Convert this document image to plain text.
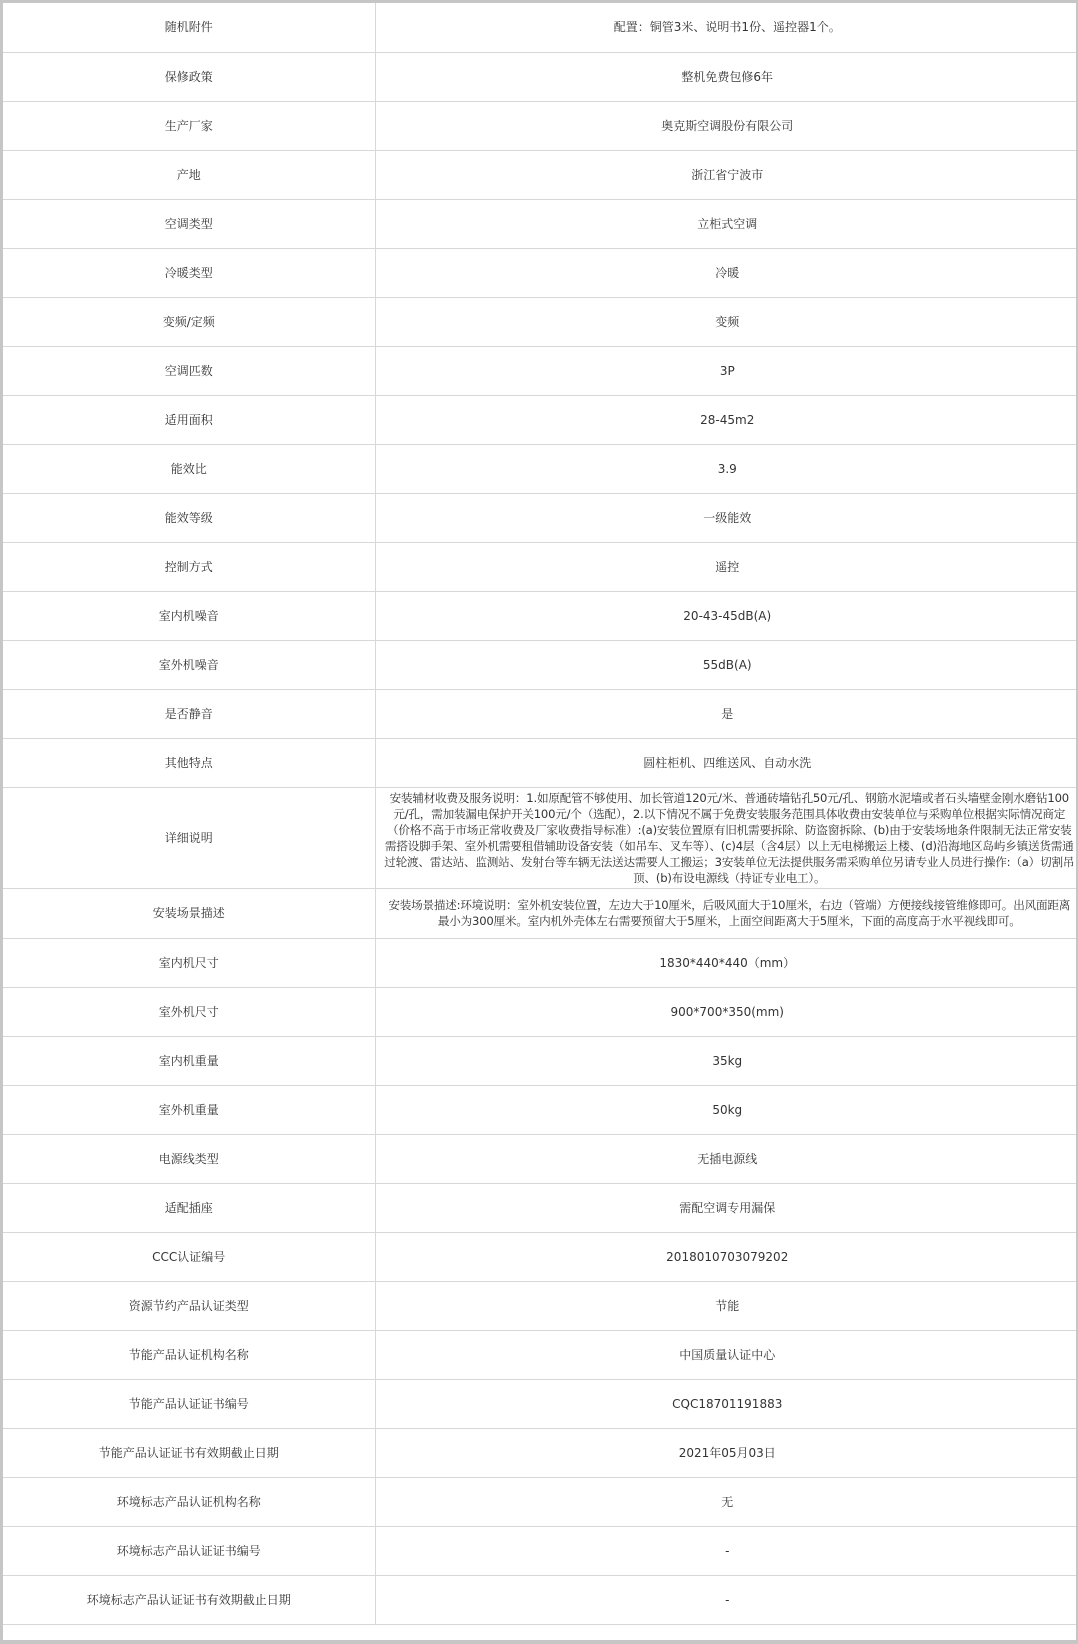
随机附件	配置：铜管3米、说明书1份、遥控器1个。
保修政策	整机免费包修6年
生产厂家	奥克斯空调股份有限公司
产地	浙江省宁波市
空调类型	立柜式空调
冷暖类型	冷暖
变频/定频	变频
空调匹数	3P
适用面积	28-45m2
能效比	3.9
能效等级	一级能效
控制方式	遥控
室内机噪音	20-43-45dB(A)
室外机噪音	55dB(A)
是否静音	是
其他特点	圆柱柜机、四维送风、自动水洗
详细说明	安装辅材收费及服务说明：1.如原配管不够使用、加长管道120元/米、普通砖墙钻孔50元/孔、钢筋水泥墙或者石头墙壁金刚水磨钻100元/孔，需加装漏电保护开关100元/个（选配），2.以下情况不属于免费安装服务范围具体收费由安装单位与采购单位根据实际情况商定（价格不高于市场正常收费及厂家收费指导标准）:(a)安装位置原有旧机需要拆除、防盗窗拆除、(b)由于安装场地条件限制无法正常安装需搭设脚手架、室外机需要租借辅助设备安装（如吊车、叉车等）、(c)4层（含4层）以上无电梯搬运上楼、(d)沿海地区岛屿乡镇送货需通过轮渡、雷达站、监测站、发射台等车辆无法送达需要人工搬运；3安装单位无法提供服务需采购单位另请专业人员进行操作:（a）切割吊顶、(b)布设电源线（持证专业电工）。
安装场景描述	安装场景描述:环境说明：室外机安装位置，左边大于10厘米，后吸风面大于10厘米，右边（管端）方便接线接管维修即可。出风面距离最小为300厘米。室内机外壳体左右需要预留大于5厘米，上面空间距离大于5厘米，下面的高度高于水平视线即可。
室内机尺寸	1830*440*440（mm）
室外机尺寸	900*700*350(mm)
室内机重量	35kg
室外机重量	50kg
电源线类型	无插电源线
适配插座	需配空调专用漏保
CCC认证编号	2018010703079202
资源节约产品认证类型	节能
节能产品认证机构名称	中国质量认证中心
节能产品认证证书编号	CQC18701191883
节能产品认证证书有效期截止日期	2021年05月03日
环境标志产品认证机构名称	无
环境标志产品认证证书编号	-
环境标志产品认证证书有效期截止日期	-
